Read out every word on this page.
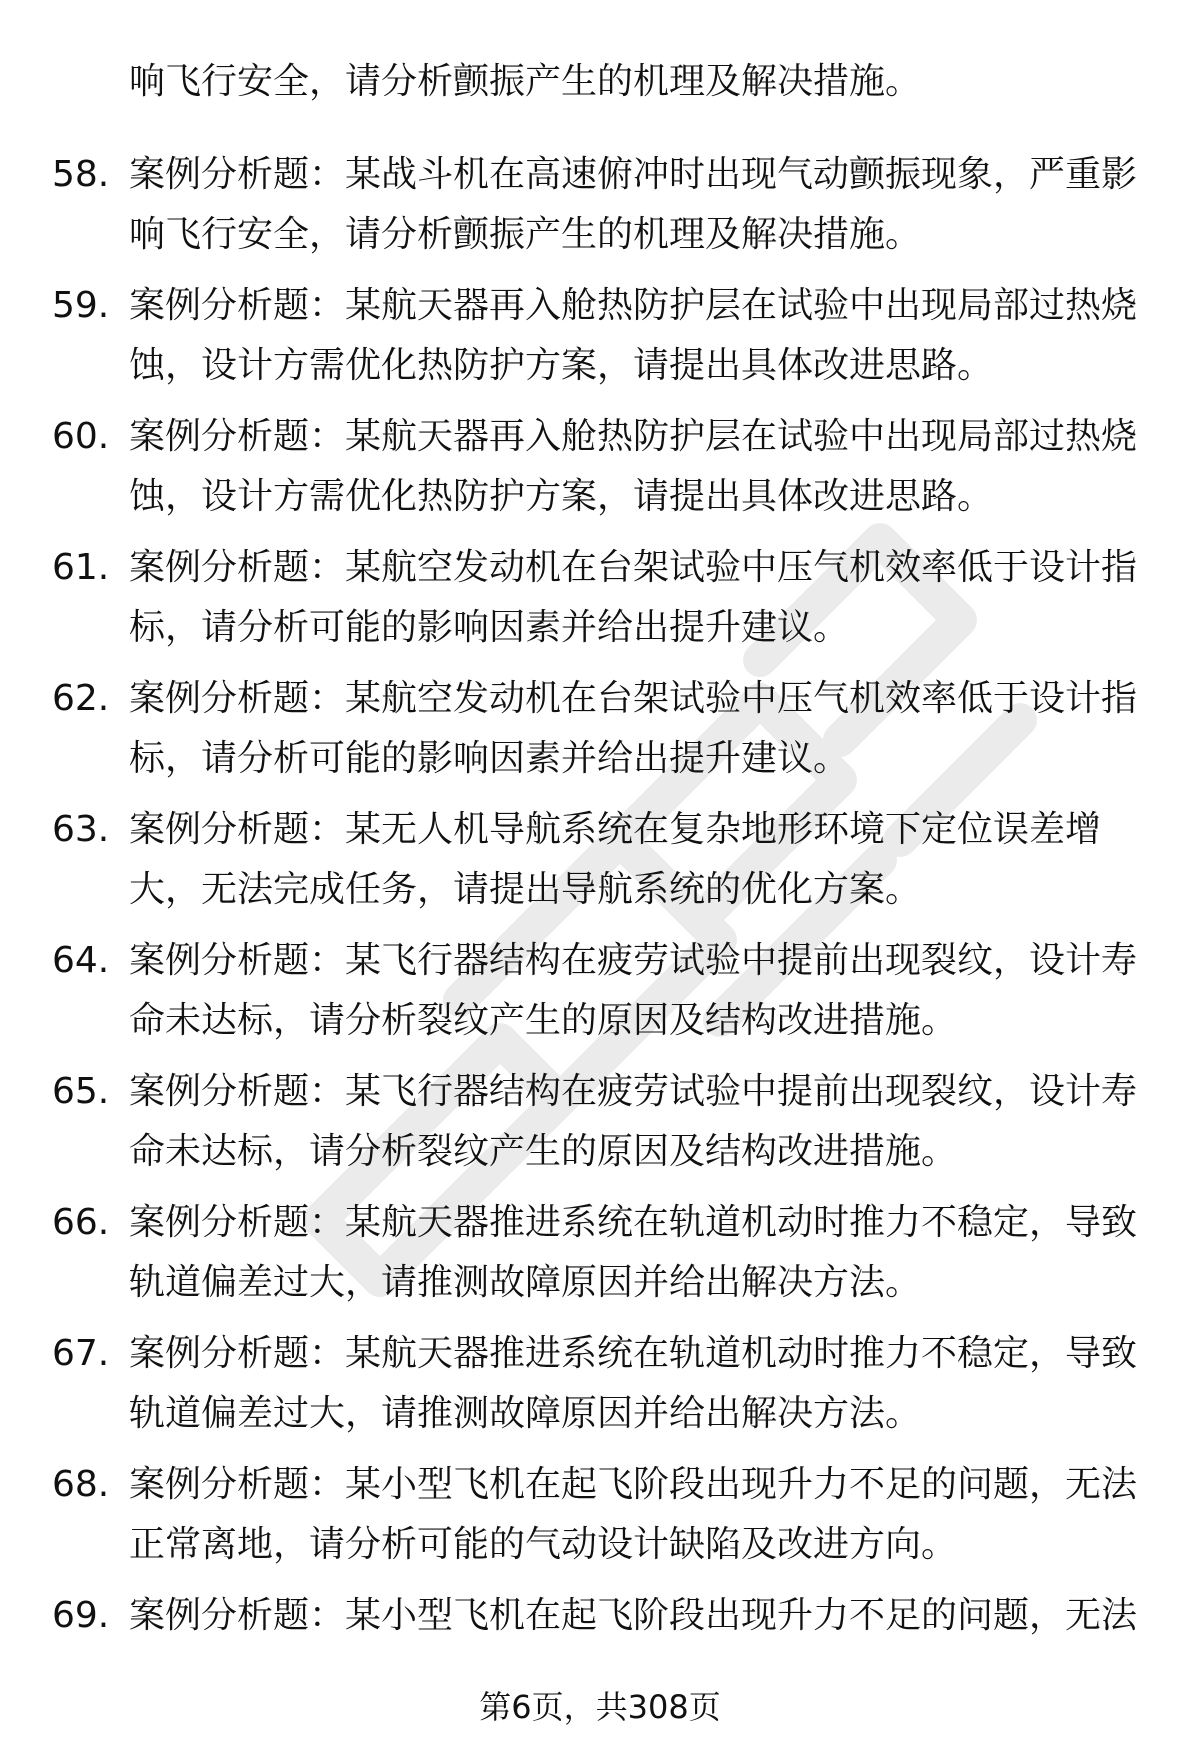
响飞行安全，请分析颤振产生的机理及解决措施。
58. 案例分析题：某战斗机在高速俯冲时出现气动颤振现象，严重影
响飞行安全，请分析颤振产生的机理及解决措施。
59. 案例分析题：某航天器再入舱热防护层在试验中出现局部过热烧
蚀，设计方需优化热防护方案，请提出具体改进思路。
60. 案例分析题：某航天器再入舱热防护层在试验中出现局部过热烧
蚀，设计方需优化热防护方案，请提出具体改进思路。
61. 案例分析题：某航空发动机在台架试验中压气机效率低于设计指
标，请分析可能的影响因素并给出提升建议。
62. 案例分析题：某航空发动机在台架试验中压气机效率低于设计指
标，请分析可能的影响因素并给出提升建议。
63. 案例分析题：某无人机导航系统在复杂地形环境下定位误差增
大，无法完成任务，请提出导航系统的优化方案。
64. 案例分析题：某飞行器结构在疲劳试验中提前出现裂纹，设计寿
命未达标，请分析裂纹产生的原因及结构改进措施。
65. 案例分析题：某飞行器结构在疲劳试验中提前出现裂纹，设计寿
命未达标，请分析裂纹产生的原因及结构改进措施。
66. 案例分析题：某航天器推进系统在轨道机动时推力不稳定，导致
轨道偏差过大，请推测故障原因并给出解决方法。
67. 案例分析题：某航天器推进系统在轨道机动时推力不稳定，导致
轨道偏差过大，请推测故障原因并给出解决方法。
68. 案例分析题：某小型飞机在起飞阶段出现升力不足的问题，无法
正常离地，请分析可能的气动设计缺陷及改进方向。
69. 案例分析题：某小型飞机在起飞阶段出现升力不足的问题，无法
第6页，共308页
